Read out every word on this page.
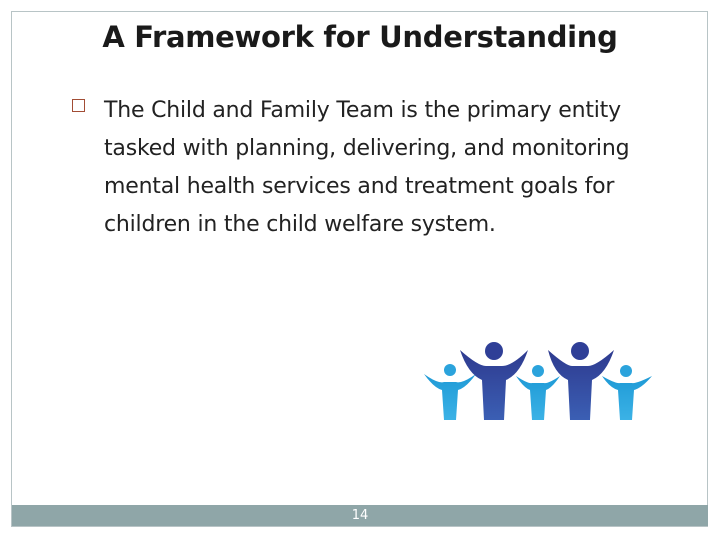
A Framework for Understanding
The Child and Family Team is the primary entity tasked with planning, delivering, and monitoring mental health services and treatment goals for children in the child welfare system.
14
